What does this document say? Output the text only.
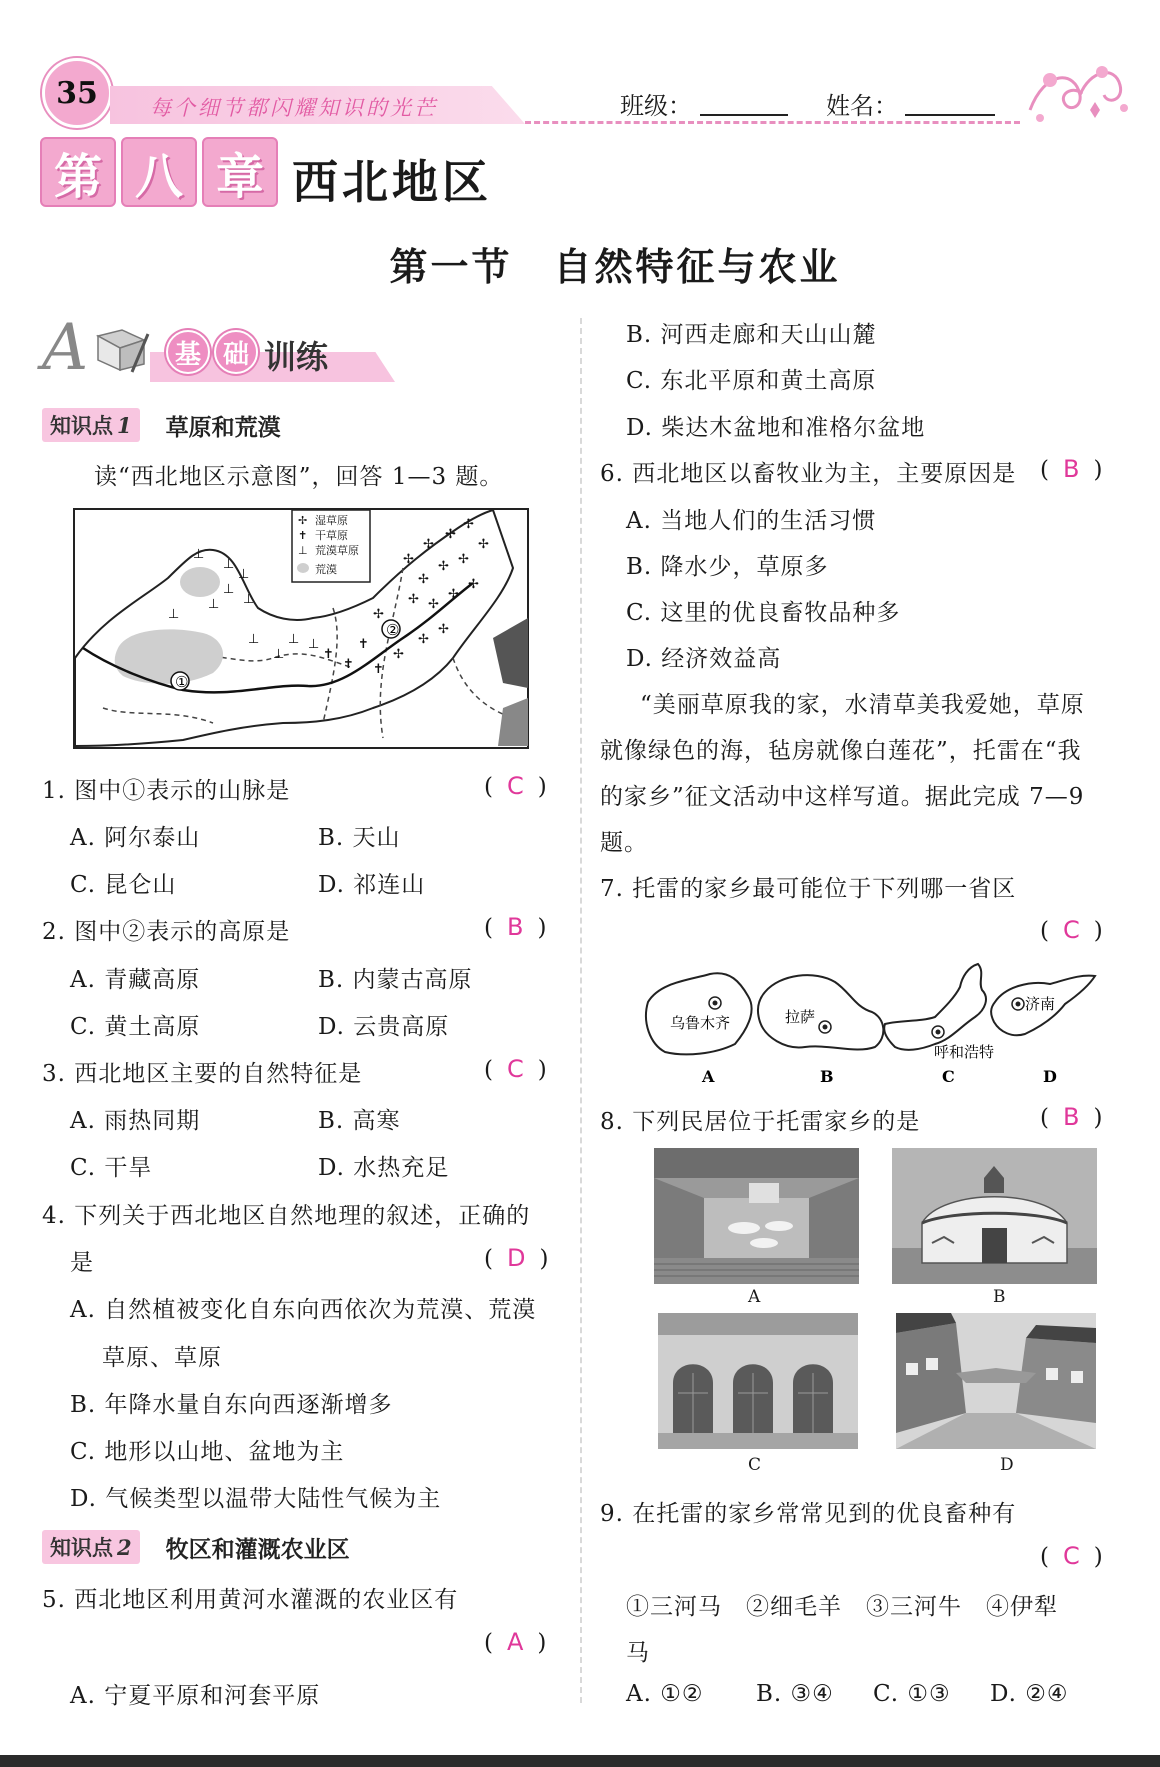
35	每个细节都闪耀知识的光芒	班级：	姓名：
第 八 章 西北地区
第一节　自然特征与农业
A	基 础 训练
知识点 1	草原和荒漠
读“西北地区示意图”，回答 1—3 题。
①
②
✢
✢
✢
✢
✢
✢ ✢
✢
✢ ✢
✢
✢
✢
✢
✢
✢
✝
✝
✝
✝
⊥ ⊥
⊥
⊥
⊥
⊥
⊥
⊥
⊥
⊥
⊥
✢ 湿草原
✝ 干草原
⊥ 荒漠草原
荒漠
1. 图中①表示的山脉是	( C )
A. 阿尔泰山	B. 天山
C. 昆仑山	D. 祁连山
2. 图中②表示的高原是	( B )
A. 青藏高原	B. 内蒙古高原
C. 黄土高原	D. 云贵高原
3. 西北地区主要的自然特征是	( C )
A. 雨热同期	B. 高寒
C. 干旱	D. 水热充足
4. 下列关于西北地区自然地理的叙述，正确的
是	( D )
A. 自然植被变化自东向西依次为荒漠、荒漠
草原、草原
B. 年降水量自东向西逐渐增多
C. 地形以山地、盆地为主
D. 气候类型以温带大陆性气候为主
知识点 2	牧区和灌溉农业区
5. 西北地区利用黄河水灌溉的农业区有
( A )
A. 宁夏平原和河套平原
B. 河西走廊和天山山麓
C. 东北平原和黄土高原
D. 柴达木盆地和准格尔盆地
6. 西北地区以畜牧业为主，主要原因是 ( B )
A. 当地人们的生活习惯
B. 降水少，草原多
C. 这里的优良畜牧品种多
D. 经济效益高
“美丽草原我的家，水清草美我爱她，草原
就像绿色的海，毡房就像白莲花”，托雷在“我
的家乡”征文活动中这样写道。据此完成 7—9
题。
7. 托雷的家乡最可能位于下列哪一省区
( C )
乌鲁木齐
A
拉萨
B
呼和浩特
C
济南
D
8. 下列民居位于托雷家乡的是	( B )
A	B
C	D
9. 在托雷的家乡常常见到的优良畜种有
( C )
①三河马　②细毛羊　③三河牛　④伊犁
马
A. ①② B. ③④ C. ①③ D. ②④
